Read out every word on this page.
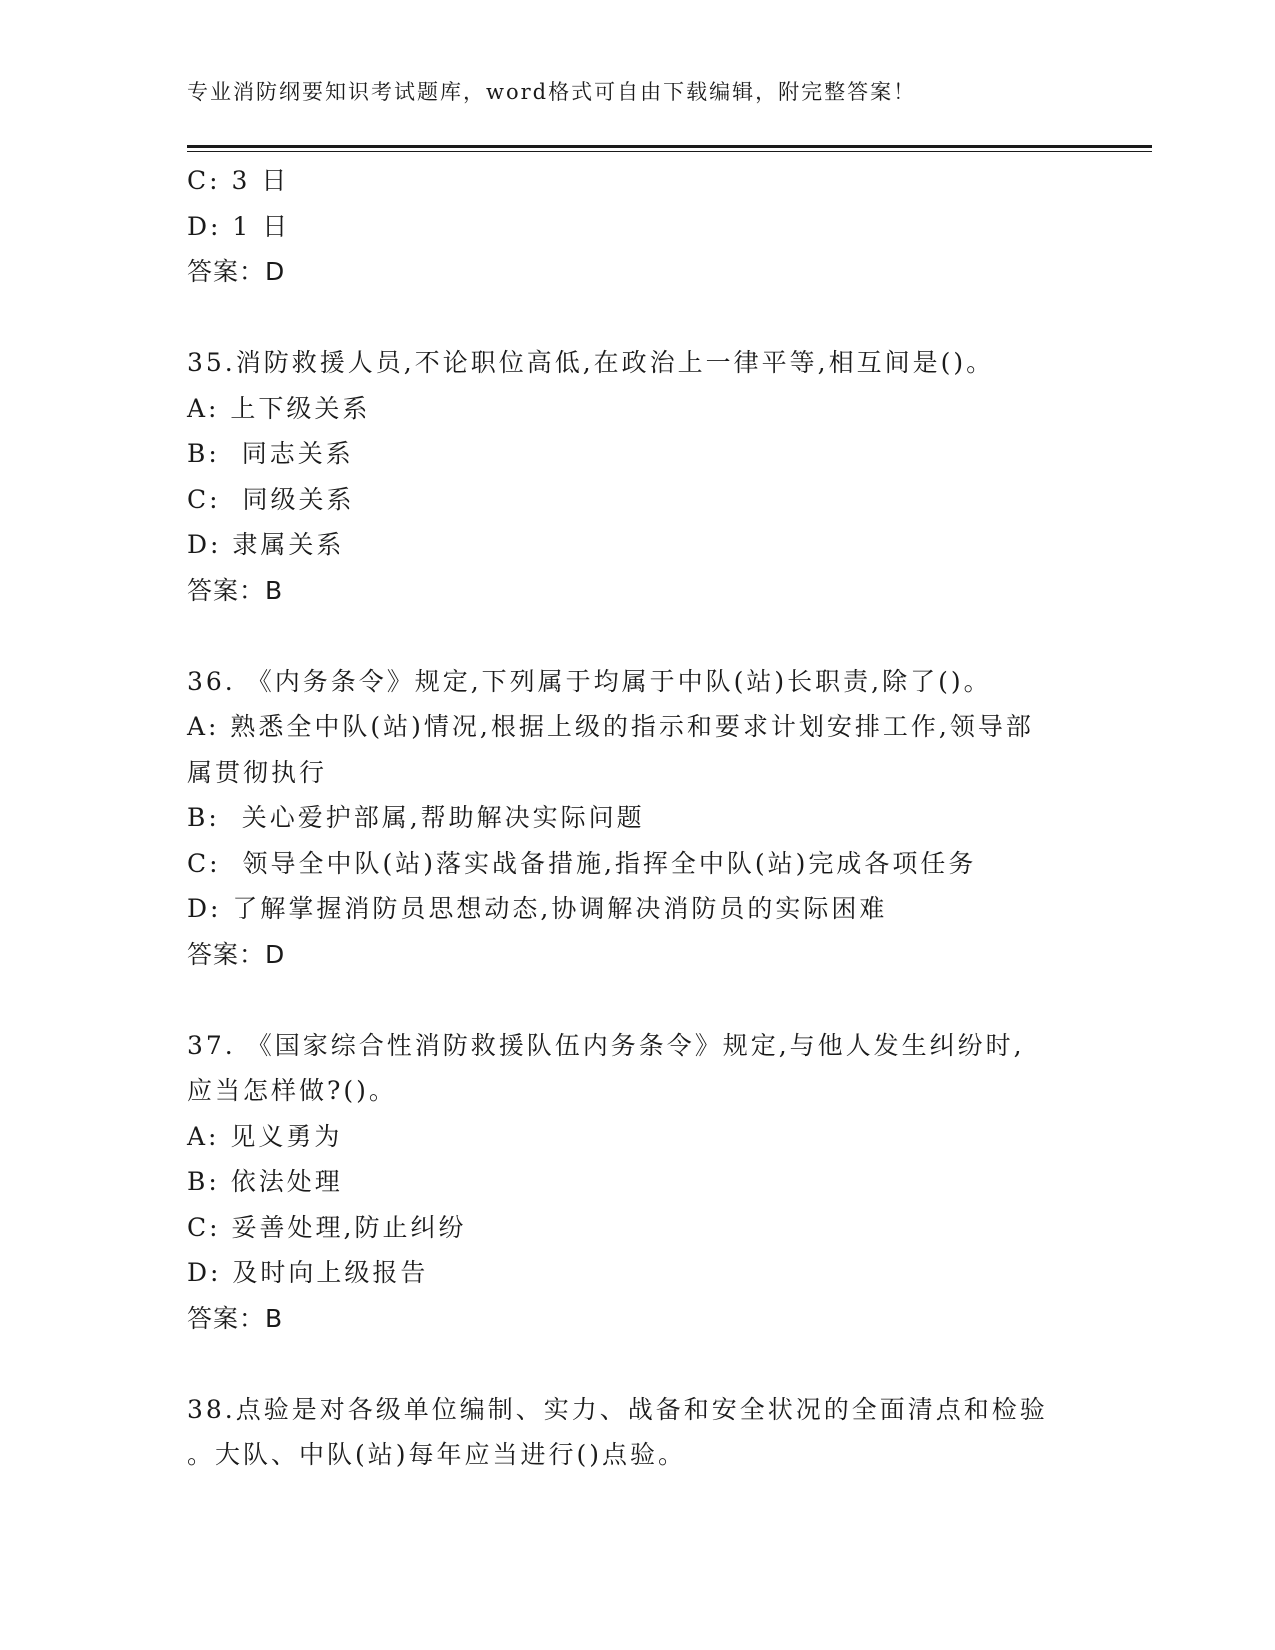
专业消防纲要知识考试题库，word格式可自由下载编辑，附完整答案！
C: 3 日
D: 1 日
答案：D
35.消防救援人员,不论职位高低,在政治上一律平等,相互间是()。
A: 上下级关系
B:  同志关系
C:  同级关系
D: 隶属关系
答案：B
36. 《内务条令》规定,下列属于均属于中队(站)长职责,除了()。
A: 熟悉全中队(站)情况,根据上级的指示和要求计划安排工作,领导部
属贯彻执行
B:  关心爱护部属,帮助解决实际问题
C:  领导全中队(站)落实战备措施,指挥全中队(站)完成各项任务
D: 了解掌握消防员思想动态,协调解决消防员的实际困难
答案：D
37. 《国家综合性消防救援队伍内务条令》规定,与他人发生纠纷时,
应当怎样做?()。
A: 见义勇为
B: 依法处理
C: 妥善处理,防止纠纷
D: 及时向上级报告
答案：B
38.点验是对各级单位编制、实力、战备和安全状况的全面清点和检验
。大队、中队(站)每年应当进行()点验。
